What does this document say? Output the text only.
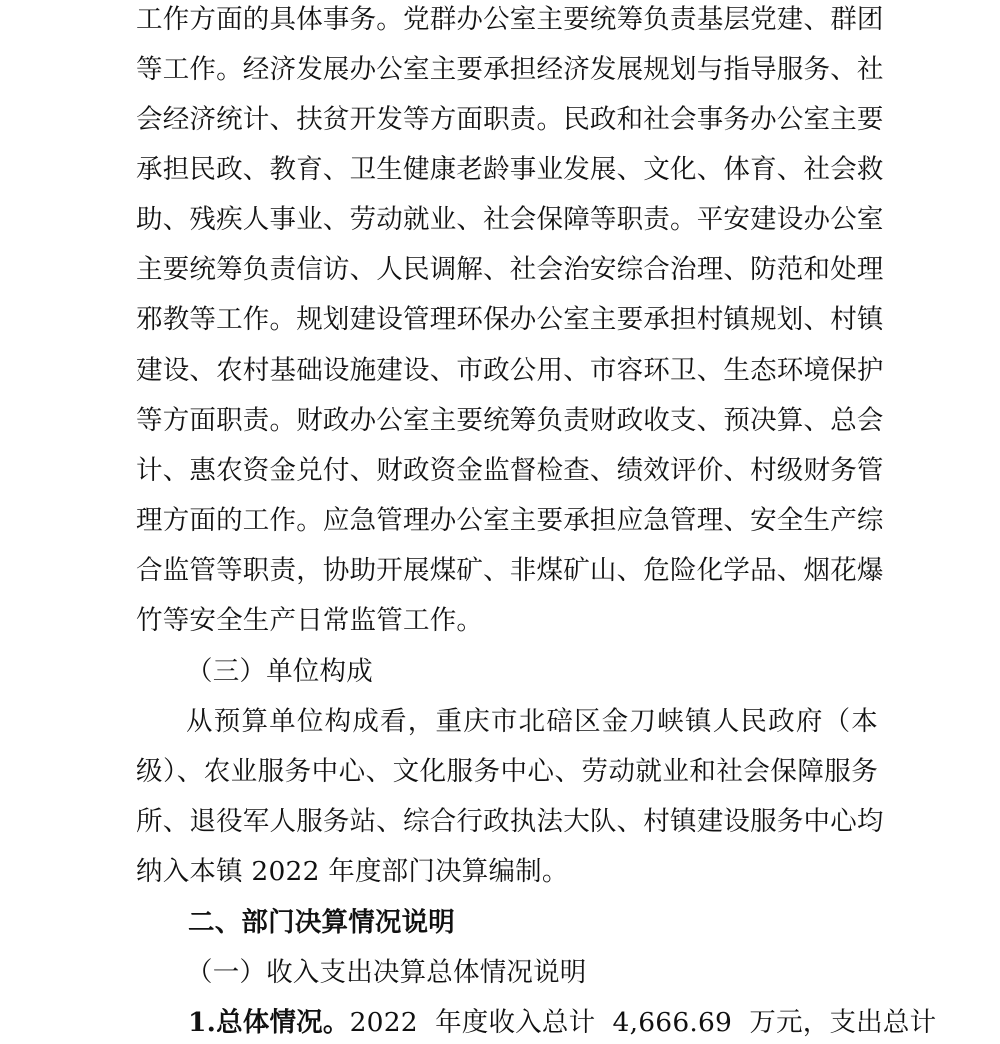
工作方面的具体事务。党群办公室主要统筹负责基层党建、群团
等工作。经济发展办公室主要承担经济发展规划与指导服务、社
会经济统计、扶贫开发等方面职责。民政和社会事务办公室主要
承担民政、教育、卫生健康老龄事业发展、文化、体育、社会救
助、残疾人事业、劳动就业、社会保障等职责。平安建设办公室
主要统筹负责信访、人民调解、社会治安综合治理、防范和处理
邪教等工作。规划建设管理环保办公室主要承担村镇规划、村镇
建设、农村基础设施建设、市政公用、市容环卫、生态环境保护
等方面职责。财政办公室主要统筹负责财政收支、预决算、总会
计、惠农资金兑付、财政资金监督检查、绩效评价、村级财务管
理方面的工作。应急管理办公室主要承担应急管理、安全生产综
合监管等职责，协助开展煤矿、非煤矿山、危险化学品、烟花爆
竹等安全生产日常监管工作。
（三）单位构成
从预算单位构成看，重庆市北碚区金刀峡镇人民政府（本
级）、农业服务中心、文化服务中心、劳动就业和社会保障服务
所、退役军人服务站、综合行政执法大队、村镇建设服务中心均
纳入本镇 2022 年度部门决算编制。
二、部门决算情况说明
（一）收入支出决算总体情况说明
1.总体情况。2022  年度收入总计  4,666.69  万元，支出总计
